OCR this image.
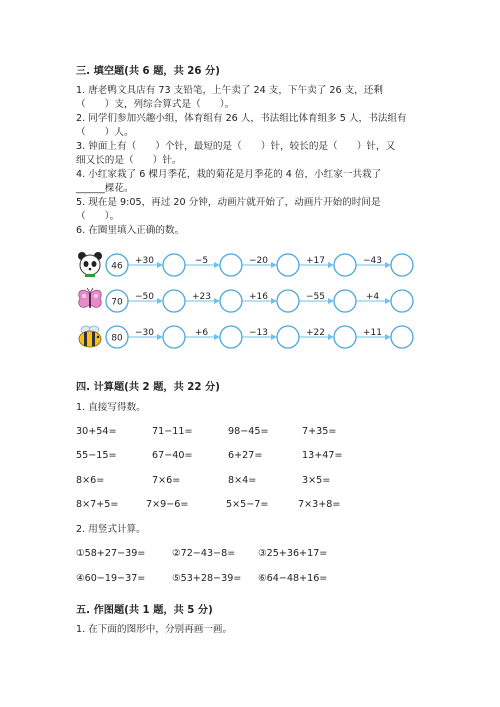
三. 填空题(共 6 题，共 26 分)
1. 唐老鸭文具店有 73 支铅笔，上午卖了 24 支，下午卖了 26 支，还剩
（　　）支，列综合算式是（　　）。
2. 同学们参加兴趣小组，体育组有 26 人，书法组比体育组多 5 人，书法组有
（　　）人。
3. 钟面上有（　　）个针，最短的是（　　）针，较长的是（　　）针，又
细又长的是（　　）针。
4. 小红家栽了 6 棵月季花，栽的菊花是月季花的 4 倍，小红家一共栽了
______棵花。
5. 现在是 9:05，再过 20 分钟，动画片就开始了，动画片开始的时间是
（　　）。
6. 在圈里填入正确的数。
+30	−5	−20	+17	−43
46
−50	+23	+16	−55	+4
70
−30	+6	−13	+22	+11
80
四. 计算题(共 2 题，共 22 分)
1. 直接写得数。
30+54=	71−11=	98−45=	7+35=
55−15=	67−40=	6+27=	13+47=
8×6=	7×6=	8×4=	3×5=
8×7+5=	7×9−6=	5×5−7=	7×3+8=
2. 用竖式计算。
①58+27−39=	②72−43−8= ③25+36+17=
④60−19−37=	⑤53+28−39= ⑥64−48+16=
五. 作图题(共 1 题，共 5 分)
1. 在下面的图形中，分别再画一画。
